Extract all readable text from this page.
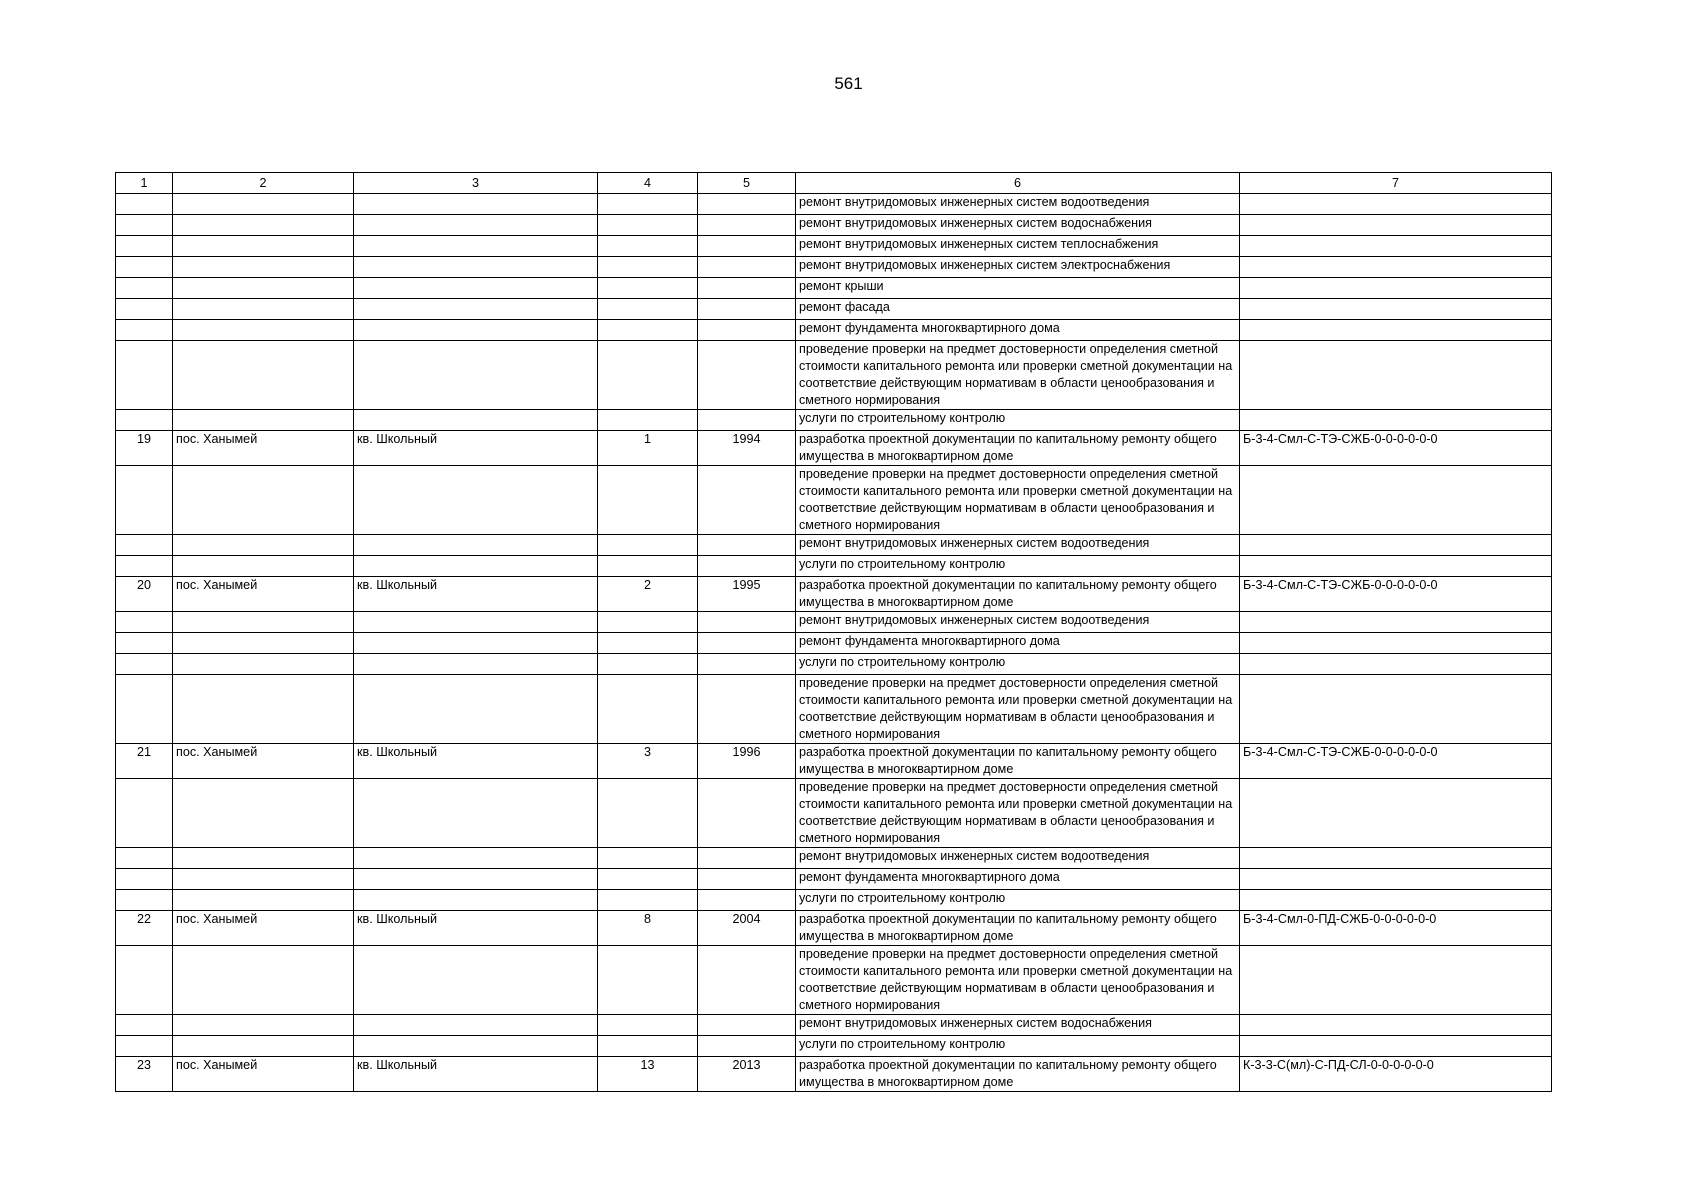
561
1	2	3	4	5	6	7
					ремонт внутридомовых инженерных систем водоотведения	
					ремонт внутридомовых инженерных систем водоснабжения	
					ремонт внутридомовых инженерных систем теплоснабжения	
					ремонт внутридомовых инженерных систем электроснабжения	
					ремонт крыши	
					ремонт фасада	
					ремонт фундамента многоквартирного дома	
					проведение проверки на предмет достоверности определения сметной стоимости капитального ремонта или проверки сметной документации на соответствие действующим нормативам в области ценообразования и сметного нормирования	
					услуги по строительному контролю	
19	пос. Ханымей	кв. Школьный	1	1994	разработка проектной документации по капитальному ремонту общего имущества в многоквартирном доме	Б-3-4-Смл-С-ТЭ-СЖБ-0-0-0-0-0-0
					проведение проверки на предмет достоверности определения сметной стоимости капитального ремонта или проверки сметной документации на соответствие действующим нормативам в области ценообразования и сметного нормирования	
					ремонт внутридомовых инженерных систем водоотведения	
					услуги по строительному контролю	
20	пос. Ханымей	кв. Школьный	2	1995	разработка проектной документации по капитальному ремонту общего имущества в многоквартирном доме	Б-3-4-Смл-С-ТЭ-СЖБ-0-0-0-0-0-0
					ремонт внутридомовых инженерных систем водоотведения	
					ремонт фундамента многоквартирного дома	
					услуги по строительному контролю	
					проведение проверки на предмет достоверности определения сметной стоимости капитального ремонта или проверки сметной документации на соответствие действующим нормативам в области ценообразования и сметного нормирования	
21	пос. Ханымей	кв. Школьный	3	1996	разработка проектной документации по капитальному ремонту общего имущества в многоквартирном доме	Б-3-4-Смл-С-ТЭ-СЖБ-0-0-0-0-0-0
					проведение проверки на предмет достоверности определения сметной стоимости капитального ремонта или проверки сметной документации на соответствие действующим нормативам в области ценообразования и сметного нормирования	
					ремонт внутридомовых инженерных систем водоотведения	
					ремонт фундамента многоквартирного дома	
					услуги по строительному контролю	
22	пос. Ханымей	кв. Школьный	8	2004	разработка проектной документации по капитальному ремонту общего имущества в многоквартирном доме	Б-3-4-Смл-0-ПД-СЖБ-0-0-0-0-0-0
					проведение проверки на предмет достоверности определения сметной стоимости капитального ремонта или проверки сметной документации на соответствие действующим нормативам в области ценообразования и сметного нормирования	
					ремонт внутридомовых инженерных систем водоснабжения	
					услуги по строительному контролю	
23	пос. Ханымей	кв. Школьный	13	2013	разработка проектной документации по капитальному ремонту общего имущества в многоквартирном доме	К-3-3-С(мл)-С-ПД-СЛ-0-0-0-0-0-0
